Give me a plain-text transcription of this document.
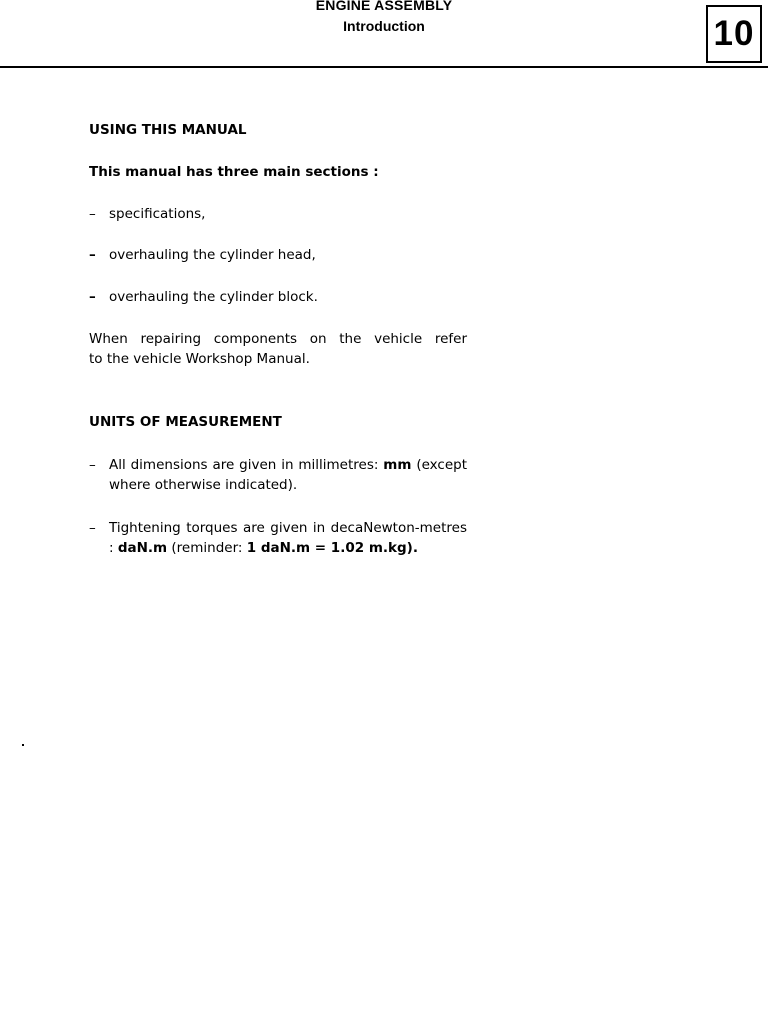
ENGINE ASSEMBLY
Introduction	10
USING THIS MANUAL
This manual has three main sections :
– specifications,
– overhauling the cylinder head,
– overhauling the cylinder block.
When repairing components on the vehicle refer
to the vehicle Workshop Manual.
UNITS OF MEASUREMENT
– All dimensions are given in millimetres: mm (except where otherwise indicated).
– Tightening torques are given in decaNewton-metres : daN.m (reminder: 1 daN.m = 1.02 m.kg).
